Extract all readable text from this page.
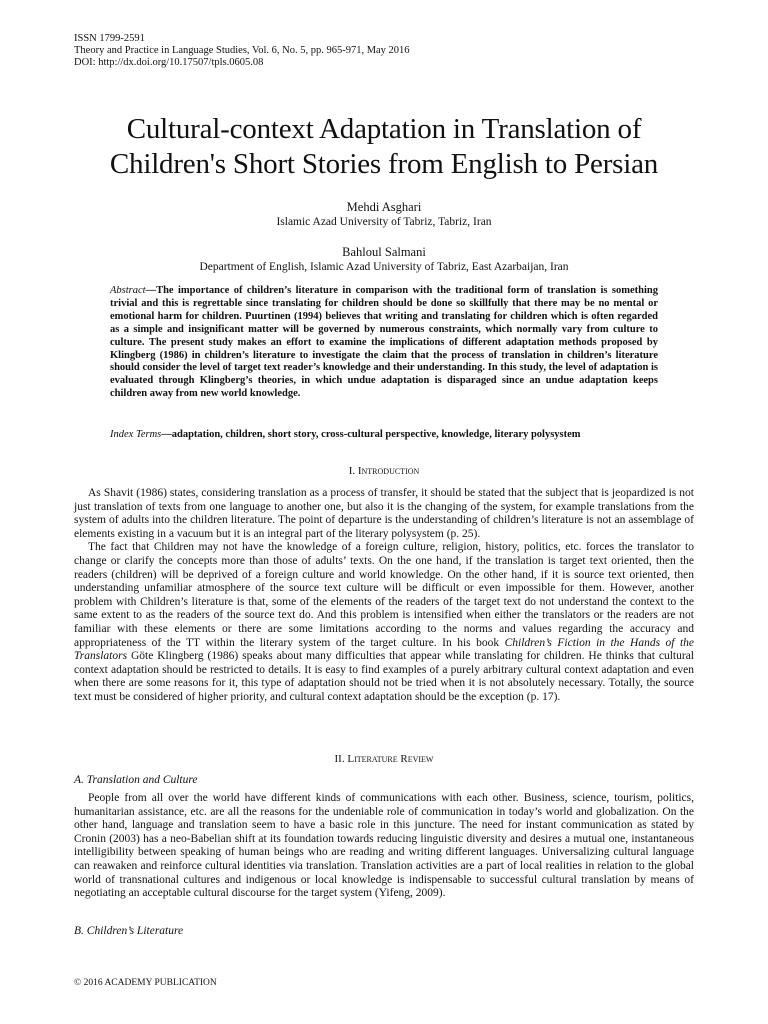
ISSN 1799-2591
Theory and Practice in Language Studies, Vol. 6, No. 5, pp. 965-971, May 2016
DOI: http://dx.doi.org/10.17507/tpls.0605.08
Cultural-context Adaptation in Translation of
Children's Short Stories from English to Persian
Mehdi Asghari
Islamic Azad University of Tabriz, Tabriz, Iran
Bahloul Salmani
Department of English, Islamic Azad University of Tabriz, East Azarbaijan, Iran
Abstract—The importance of children’s literature in comparison with the traditional form of translation is something trivial and this is regrettable since translating for children should be done so skillfully that there may be no mental or emotional harm for children. Puurtinen (1994) believes that writing and translating for children which is often regarded as a simple and insignificant matter will be governed by numerous constraints, which normally vary from culture to culture. The present study makes an effort to examine the implications of different adaptation methods proposed by Klingberg (1986) in children’s literature to investigate the claim that the process of translation in children’s literature should consider the level of target text reader’s knowledge and their understanding. In this study, the level of adaptation is evaluated through Klingberg’s theories, in which undue adaptation is disparaged since an undue adaptation keeps children away from new world knowledge.
Index Terms—adaptation, children, short story, cross-cultural perspective, knowledge, literary polysystem
I. Introduction

As Shavit (1986) states, considering translation as a process of transfer, it should be stated that the subject that is jeopardized is not just translation of texts from one language to another one, but also it is the changing of the system, for example translations from the system of adults into the children literature. The point of departure is the understanding of children’s literature is not an assemblage of elements existing in a vacuum but it is an integral part of the literary polysystem (p. 25).

The fact that Children may not have the knowledge of a foreign culture, religion, history, politics, etc. forces the translator to change or clarify the concepts more than those of adults’ texts. On the one hand, if the translation is target text oriented, then the readers (children) will be deprived of a foreign culture and world knowledge. On the other hand, if it is source text oriented, then understanding unfamiliar atmosphere of the source text culture will be difficult or even impossible for them. However, another problem with Children’s literature is that, some of the elements of the readers of the target text do not understand the context to the same extent to as the readers of the source text do. And this problem is intensified when either the translators or the readers are not familiar with these elements or there are some limitations according to the norms and values regarding the accuracy and appropriateness of the TT within the literary system of the target culture. In his book Children’s Fiction in the Hands of the Translators Göte Klingberg (1986) speaks about many difficulties that appear while translating for children. He thinks that cultural context adaptation should be restricted to details. It is easy to find examples of a purely arbitrary cultural context adaptation and even when there are some reasons for it, this type of adaptation should not be tried when it is not absolutely necessary. Totally, the source text must be considered of higher priority, and cultural context adaptation should be the exception (p. 17).

II. Literature Review
A. Translation and Culture

People from all over the world have different kinds of communications with each other. Business, science, tourism, politics, humanitarian assistance, etc. are all the reasons for the undeniable role of communication in today’s world and globalization. On the other hand, language and translation seem to have a basic role in this juncture. The need for instant communication as stated by Cronin (2003) has a neo-Babelian shift at its foundation towards reducing linguistic diversity and desires a mutual one, instantaneous intelligibility between speaking of human beings who are reading and writing different languages. Universalizing cultural language can reawaken and reinforce cultural identities via translation. Translation activities are a part of local realities in relation to the global world of transnational cultures and indigenous or local knowledge is indispensable to successful cultural translation by means of negotiating an acceptable cultural discourse for the target system (Yifeng, 2009).

B. Children’s Literature
© 2016 ACADEMY PUBLICATION
